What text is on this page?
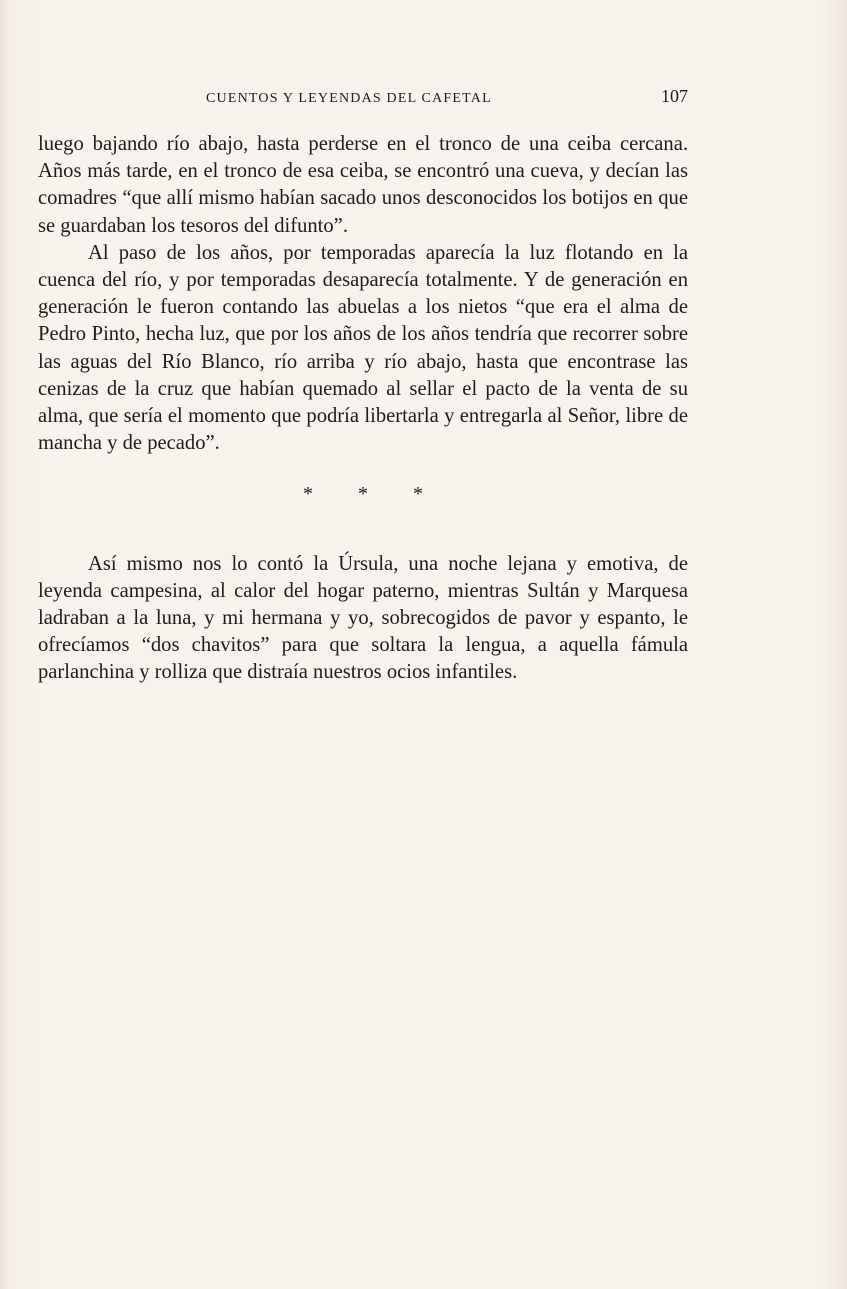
CUENTOS Y LEYENDAS DEL CAFETAL	107

luego bajando río abajo, hasta perderse en el tronco de una ceiba cercana. Años más tarde, en el tronco de esa ceiba, se encontró una cueva, y decían las comadres “que allí mismo habían sacado unos desconocidos los botijos en que se guardaban los tesoros del difunto”.

Al paso de los años, por temporadas aparecía la luz flotando en la cuenca del río, y por temporadas desaparecía totalmente. Y de generación en generación le fueron contando las abuelas a los nietos “que era el alma de Pedro Pinto, hecha luz, que por los años de los años tendría que recorrer sobre las aguas del Río Blanco, río arriba y río abajo, hasta que encontrase las cenizas de la cruz que habían quemado al sellar el pacto de la venta de su alma, que sería el momento que podría libertarla y entregarla al Señor, libre de mancha y de pecado”.

* * *

Así mismo nos lo contó la Úrsula, una noche lejana y emotiva, de leyenda campesina, al calor del hogar paterno, mientras Sultán y Marquesa ladraban a la luna, y mi hermana y yo, sobrecogidos de pavor y espanto, le ofrecíamos “dos chavitos” para que soltara la lengua, a aquella fámula parlanchina y rolliza que distraía nuestros ocios infantiles.
